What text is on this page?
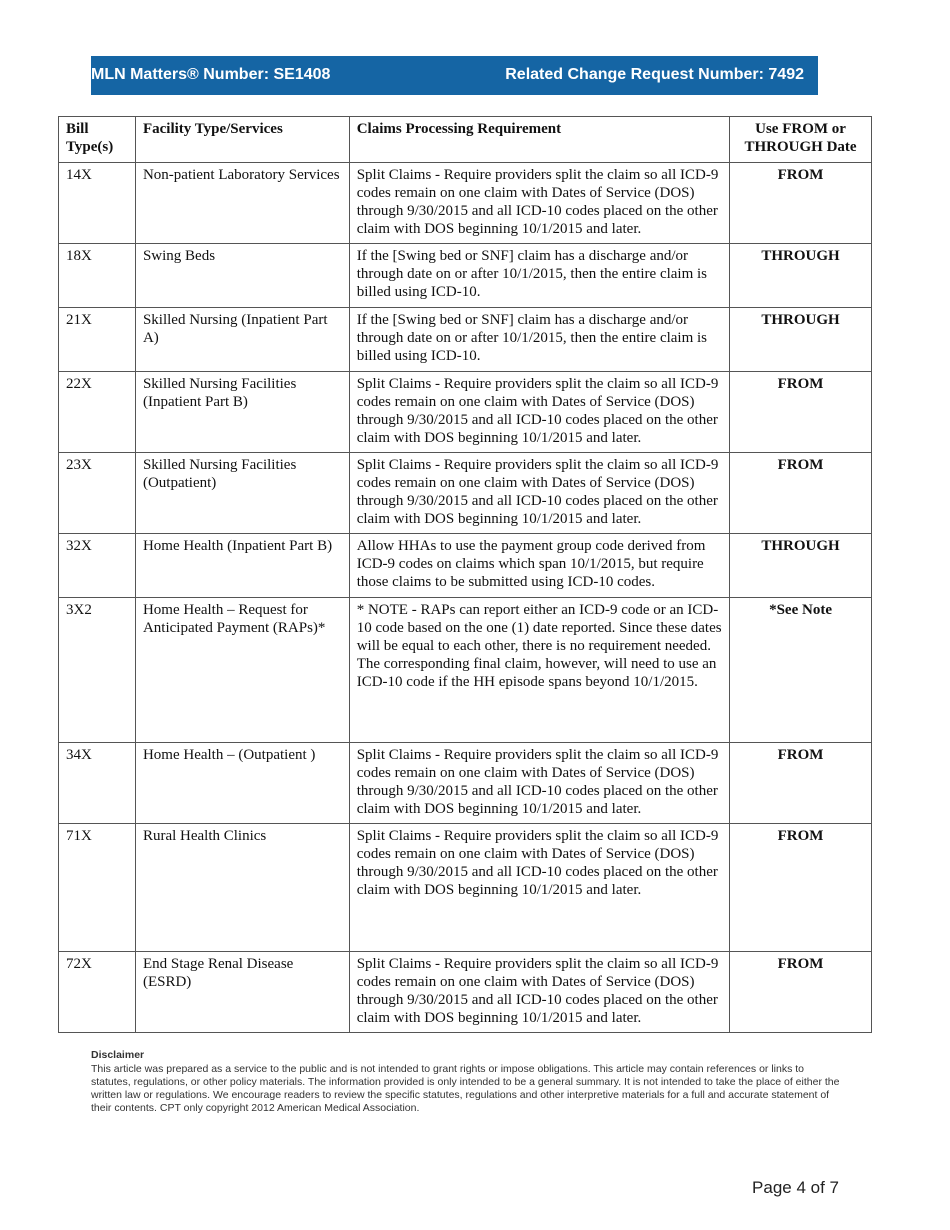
MLN Matters® Number: SE1408	Related Change Request Number: 7492
Bill Type(s)	Facility Type/Services	Claims Processing Requirement	Use FROM or THROUGH Date
14X	Non-patient Laboratory Services	Split Claims - Require providers split the claim so all ICD-9 codes remain on one claim with Dates of Service (DOS) through 9/30/2015 and all ICD-10 codes placed on the other claim with DOS beginning 10/1/2015 and later.	FROM
18X	Swing Beds	If the [Swing bed or SNF] claim has a discharge and/or through date on or after 10/1/2015, then the entire claim is billed using ICD-10.	THROUGH
21X	Skilled Nursing (Inpatient Part A)	If the [Swing bed or SNF] claim has a discharge and/or through date on or after 10/1/2015, then the entire claim is billed using ICD-10.	THROUGH
22X	Skilled Nursing Facilities (Inpatient Part B)	Split Claims - Require providers split the claim so all ICD-9 codes remain on one claim with Dates of Service (DOS) through 9/30/2015 and all ICD-10 codes placed on the other claim with DOS beginning 10/1/2015 and later.	FROM
23X	Skilled Nursing Facilities (Outpatient)	Split Claims - Require providers split the claim so all ICD-9 codes remain on one claim with Dates of Service (DOS) through 9/30/2015 and all ICD-10 codes placed on the other claim with DOS beginning 10/1/2015 and later.	FROM
32X	Home Health (Inpatient Part B)	Allow HHAs to use the payment group code derived from ICD-9 codes on claims which span 10/1/2015, but require those claims to be submitted using ICD-10 codes.	THROUGH
3X2	Home Health – Request for Anticipated Payment (RAPs)*	* NOTE - RAPs can report either an ICD-9 code or an ICD-10 code based on the one (1) date reported. Since these dates will be equal to each other, there is no requirement needed. The corresponding final claim, however, will need to use an ICD-10 code if the HH episode spans beyond 10/1/2015.	*See Note
34X	Home Health – (Outpatient )	Split Claims - Require providers split the claim so all ICD-9 codes remain on one claim with Dates of Service (DOS) through 9/30/2015 and all ICD-10 codes placed on the other claim with DOS beginning 10/1/2015 and later.	FROM
71X	Rural Health Clinics	Split Claims - Require providers split the claim so all ICD-9 codes remain on one claim with Dates of Service (DOS) through 9/30/2015 and all ICD-10 codes placed on the other claim with DOS beginning 10/1/2015 and later.	FROM
72X	End Stage Renal Disease (ESRD)	Split Claims - Require providers split the claim so all ICD-9 codes remain on one claim with Dates of Service (DOS) through 9/30/2015 and all ICD-10 codes placed on the other claim with DOS beginning 10/1/2015 and later.	FROM
Disclaimer
This article was prepared as a service to the public and is not intended to grant rights or impose obligations. This article may contain references or links to statutes, regulations, or other policy materials. The information provided is only intended to be a general summary. It is not intended to take the place of either the written law or regulations. We encourage readers to review the specific statutes, regulations and other interpretive materials for a full and accurate statement of their contents. CPT only copyright 2012 American Medical Association.
Page 4 of 7
